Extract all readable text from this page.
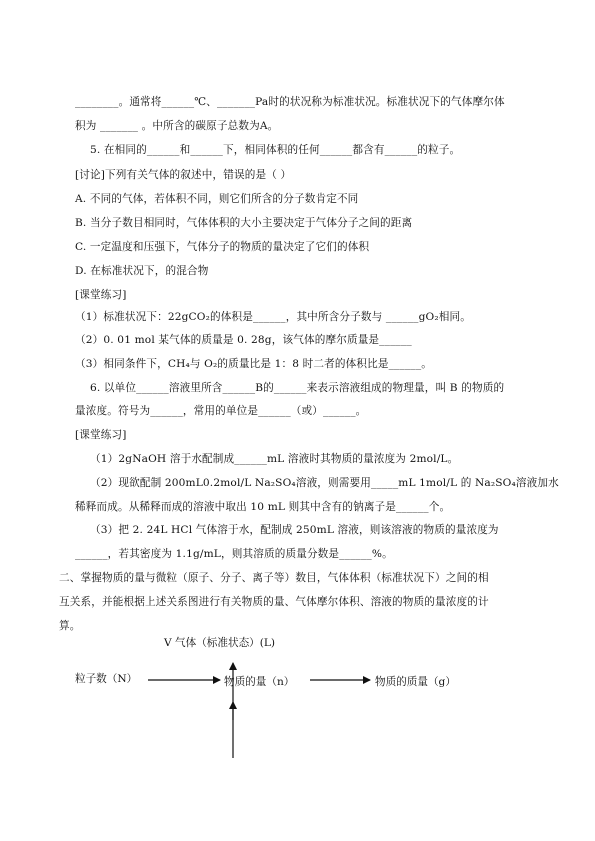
________。通常将______℃、_______Pa时的状况称为标准状况。标准状况下的气体摩尔体
积为 _______ 。中所含的碳原子总数为A。
5. 在相同的______和______下，相同体积的任何______都含有______的粒子。
[讨论]下列有关气体的叙述中，错误的是（ ）
A. 不同的气体，若体积不同，则它们所含的分子数肯定不同
B. 当分子数目相同时，气体体积的大小主要决定于气体分子之间的距离
C. 一定温度和压强下，气体分子的物质的量决定了它们的体积
D. 在标准状况下，的混合物
[课堂练习]
（1）标准状况下：22gCO₂的体积是______，其中所含分子数与 ______gO₂相同。
（2）0. 01 mol 某气体的质量是 0. 28g，该气体的摩尔质量是______
（3）相同条件下，CH₄与 O₂的质量比是 1：8 时二者的体积比是______。
6. 以单位______溶液里所含______B的______来表示溶液组成的物理量，叫 B 的物质的
量浓度。符号为______，常用的单位是______（或）______。
[课堂练习]
（1）2gNaOH 溶于水配制成______mL 溶液时其物质的量浓度为 2mol/L。
（2）现欲配制 200mL0.2mol/L Na₂SO₄溶液，则需要用_____mL 1mol/L 的 Na₂SO₄溶液加水
稀释而成。从稀释而成的溶液中取出 10 mL 则其中含有的钠离子是______个。
（3）把 2. 24L HCl 气体溶于水，配制成 250mL 溶液，则该溶液的物质的量浓度为
______，若其密度为 1.1g/mL，则其溶质的质量分数是______%。
二、掌握物质的量与微粒（原子、分子、离子等）数目，气体体积（标准状况下）之间的相
互关系，并能根据上述关系图进行有关物质的量、气体摩尔体积、溶液的物质的量浓度的计
算。
V 气体（标准状态）(L)
粒子数（N）	物质的量（n）	物质的质量（g）
